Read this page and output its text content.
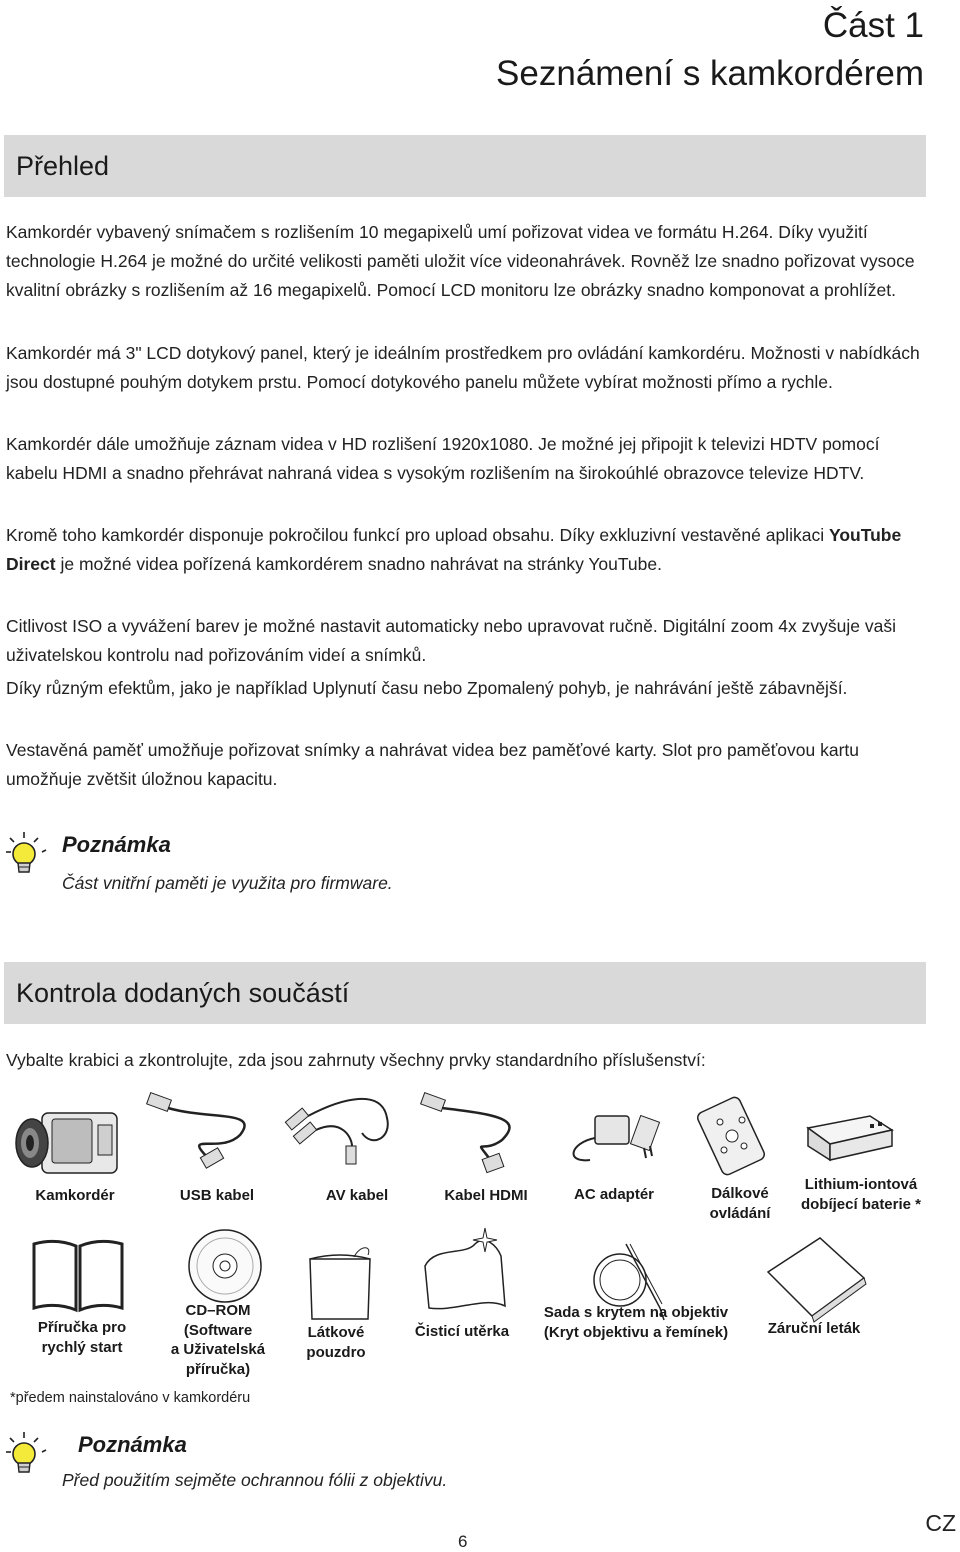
Část 1
Seznámení s kamkordérem
Přehled

Kamkordér vybavený snímačem s rozlišením 10 megapixelů umí pořizovat videa ve formátu H.264. Díky využití technologie H.264 je možné do určité velikosti paměti uložit více videonahrávek. Rovněž lze snadno pořizovat vysoce kvalitní obrázky s rozlišením až 16 megapixelů. Pomocí LCD monitoru lze obrázky snadno komponovat a prohlížet.

Kamkordér má 3" LCD dotykový panel, který je ideálním prostředkem pro ovládání kamkordéru. Možnosti v nabídkách jsou dostupné pouhým dotykem prstu. Pomocí dotykového panelu můžete vybírat možnosti přímo a rychle.

Kamkordér dále umožňuje záznam videa v HD rozlišení 1920x1080. Je možné jej připojit k televizi HDTV pomocí kabelu HDMI a snadno přehrávat nahraná videa s vysokým rozlišením na širokoúhlé obrazovce televize HDTV.

Kromě toho kamkordér disponuje pokročilou funkcí pro upload obsahu. Díky exkluzivní vestavěné aplikaci YouTube Direct je možné videa pořízená kamkordérem snadno nahrávat na stránky YouTube.

Citlivost ISO a vyvážení barev je možné nastavit automaticky nebo upravovat ručně. Digitální zoom 4x zvyšuje vaši uživatelskou kontrolu nad pořizováním videí a snímků.

Díky různým efektům, jako je například Uplynutí času nebo Zpomalený pohyb, je nahrávání ještě zábavnější.

Vestavěná paměť umožňuje pořizovat snímky a nahrávat videa bez paměťové karty. Slot pro paměťovou kartu umožňuje zvětšit úložnou kapacitu.

Poznámka
Část vnitřní paměti je využita pro firmware.
Kontrola dodaných součástí

Vybalte krabici a zkontrolujte, zda jsou zahrnuty všechny prvky standardního příslušenství:

Kamkordér	USB kabel	AV kabel	Kabel HDMI	AC adaptér	Dálkové
ovládání
Lithium-iontová
dobíjecí baterie *
Příručka pro
rychlý start
CD–ROM
(Software
a Uživatelská
příručka)
Látkové
pouzdro
Čisticí utěrka
Sada s krytem na objektiv
(Kryt objektivu a řemínek)	Záruční leták
*předem nainstalováno v kamkordéru
Poznámka
Před použitím sejměte ochrannou fólii z objektivu.
6
CZ
